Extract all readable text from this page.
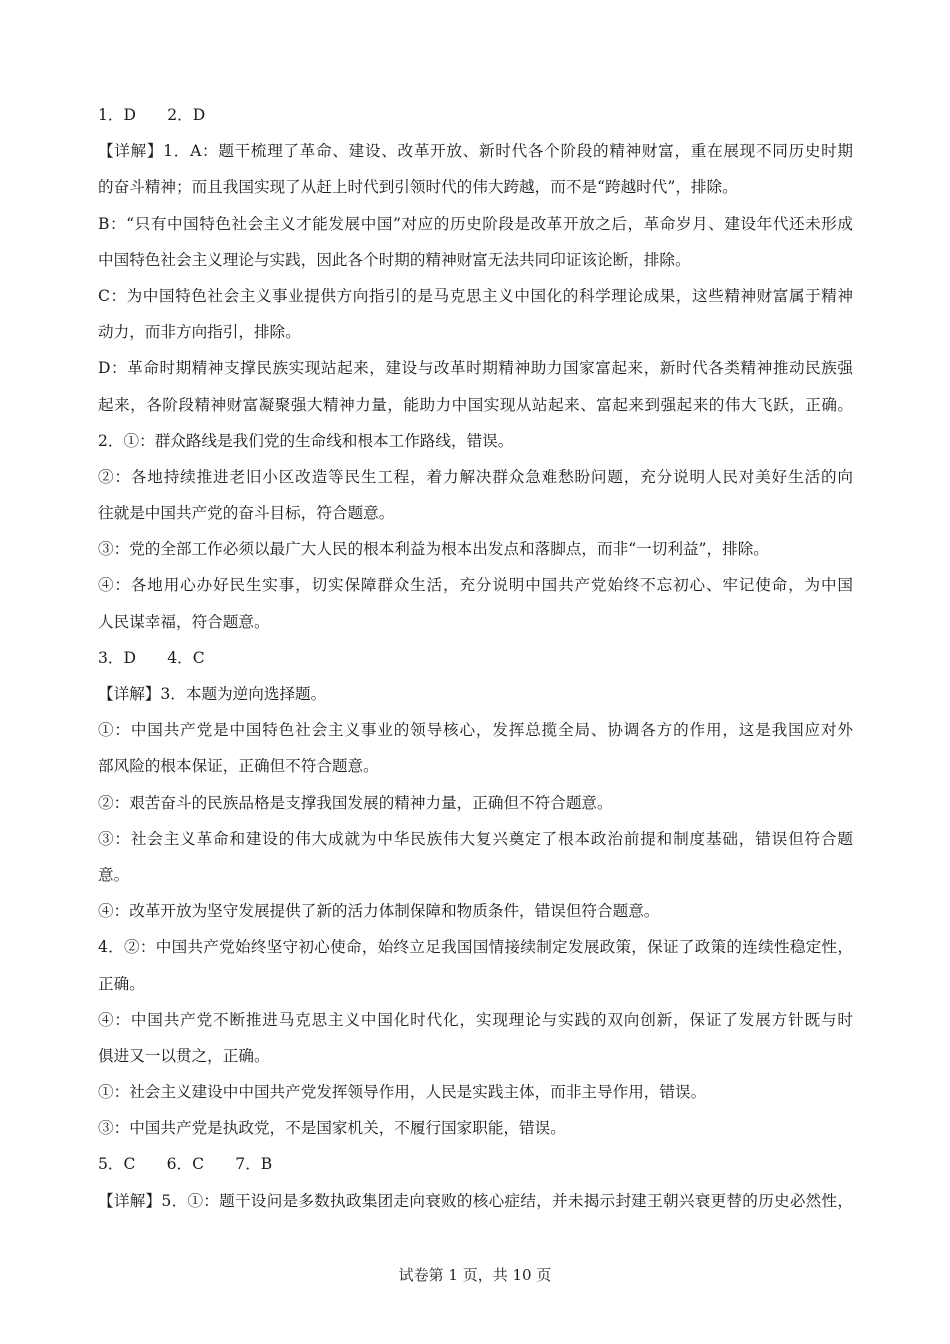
1．D　　2．D
【详解】1．A：题干梳理了革命、建设、改革开放、新时代各个阶段的精神财富，重在展现不同历史时期
的奋斗精神；而且我国实现了从赶上时代到引领时代的伟大跨越，而不是“跨越时代”，排除。
B：“只有中国特色社会主义才能发展中国”对应的历史阶段是改革开放之后，革命岁月、建设年代还未形成
中国特色社会主义理论与实践，因此各个时期的精神财富无法共同印证该论断，排除。
C：为中国特色社会主义事业提供方向指引的是马克思主义中国化的科学理论成果，这些精神财富属于精神
动力，而非方向指引，排除。
D：革命时期精神支撑民族实现站起来，建设与改革时期精神助力国家富起来，新时代各类精神推动民族强
起来，各阶段精神财富凝聚强大精神力量，能助力中国实现从站起来、富起来到强起来的伟大飞跃，正确。
2．①：群众路线是我们党的生命线和根本工作路线，错误。
②：各地持续推进老旧小区改造等民生工程，着力解决群众急难愁盼问题，充分说明人民对美好生活的向
往就是中国共产党的奋斗目标，符合题意。
③：党的全部工作必须以最广大人民的根本利益为根本出发点和落脚点，而非“一切利益”，排除。
④：各地用心办好民生实事，切实保障群众生活，充分说明中国共产党始终不忘初心、牢记使命，为中国
人民谋幸福，符合题意。
3．D　　4．C
【详解】3．本题为逆向选择题。
①：中国共产党是中国特色社会主义事业的领导核心，发挥总揽全局、协调各方的作用，这是我国应对外
部风险的根本保证，正确但不符合题意。
②：艰苦奋斗的民族品格是支撑我国发展的精神力量，正确但不符合题意。
③：社会主义革命和建设的伟大成就为中华民族伟大复兴奠定了根本政治前提和制度基础，错误但符合题
意。
④：改革开放为坚守发展提供了新的活力体制保障和物质条件，错误但符合题意。
4．②：中国共产党始终坚守初心使命，始终立足我国国情接续制定发展政策，保证了政策的连续性稳定性，
正确。
④：中国共产党不断推进马克思主义中国化时代化，实现理论与实践的双向创新，保证了发展方针既与时
俱进又一以贯之，正确。
①：社会主义建设中中国共产党发挥领导作用，人民是实践主体，而非主导作用，错误。
③：中国共产党是执政党，不是国家机关，不履行国家职能，错误。
5．C　　6．C　　7．B
【详解】5．①：题干设问是多数执政集团走向衰败的核心症结，并未揭示封建王朝兴衰更替的历史必然性，
试卷第 1 页，共 10 页
